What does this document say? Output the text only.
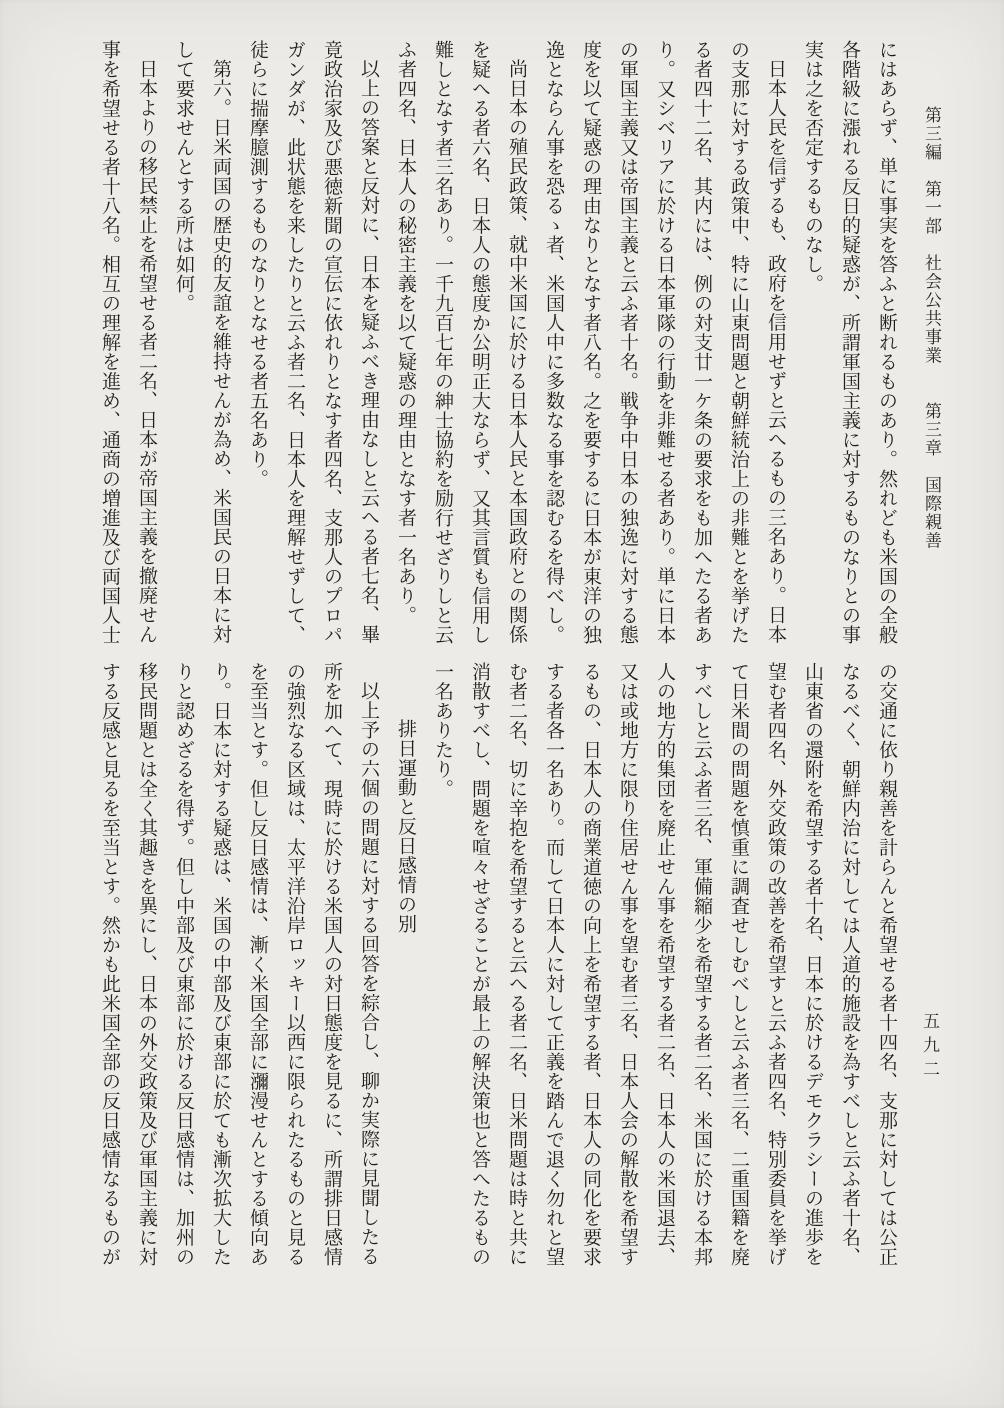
第三編　第一部　社会公共事業　　第三章　国際親善

にはあらず、単に事実を答ふと断れるものあり。然れども米国の全般各階級に漲れる反日的疑惑が、所謂軍国主義に対するものなりとの事実は之を否定するものなし。

日本人民を信ずるも、政府を信用せずと云へるもの三名あり。日本の支那に対する政策中、特に山東問題と朝鮮統治上の非難とを挙げたる者四十二名、其内には、例の対支廿一ケ条の要求をも加へたる者あり。又シベリアに於ける日本軍隊の行動を非難せる者あり。単に日本の軍国主義又は帝国主義と云ふ者十名。戦争中日本の独逸に対する態度を以て疑惑の理由なりとなす者八名。之を要するに日本が東洋の独逸とならん事を恐るゝ者、米国人中に多数なる事を認むるを得べし。

尚日本の殖民政策、就中米国に於ける日本人民と本国政府との関係を疑へる者六名、日本人の態度か公明正大ならず、又其言質も信用し難しとなす者三名あり。一千九百七年の紳士協約を励行せざりしと云ふ者四名、日本人の秘密主義を以て疑惑の理由となす者一名あり。

以上の答案と反対に、日本を疑ふべき理由なしと云へる者七名、畢竟政治家及び悪徳新聞の宣伝に依れりとなす者四名、支那人のプロパガンダが、此状態を来したりと云ふ者二名、日本人を理解せずして、徒らに揣摩臆測するものなりとなせる者五名あり。

第六。日米両国の歴史的友誼を維持せんが為め、米国民の日本に対して要求せんとする所は如何。

日本よりの移民禁止を希望せる者二名、日本が帝国主義を撤廃せん事を希望せる者十八名。相互の理解を進め、通商の増進及び両国人士

の交通に依り親善を計らんと希望せる者十四名、支那に対しては公正なるべく、朝鮮内治に対しては人道的施設を為すべしと云ふ者十名、山東省の還附を希望する者十名、日本に於けるデモクラシーの進歩を望む者四名、外交政策の改善を希望すと云ふ者四名、特別委員を挙げて日米間の問題を慎重に調査せしむべしと云ふ者三名、二重国籍を廃すべしと云ふ者三名、軍備縮少を希望する者二名、米国に於ける本邦人の地方的集団を廃止せん事を希望する者二名、日本人の米国退去、又は或地方に限り住居せん事を望む者三名、日本人会の解散を希望するもの、日本人の商業道徳の向上を希望する者、日本人の同化を要求する者各一名あり。而して日本人に対して正義を踏んで退く勿れと望む者二名、切に辛抱を希望すると云へる者二名、日米問題は時と共に消散すべし、問題を喧々せざることが最上の解決策也と答へたるもの一名ありたり。

排日運動と反日感情の別

以上予の六個の問題に対する回答を綜合し、聊か実際に見聞したる所を加へて、現時に於ける米国人の対日態度を見るに、所謂排日感情の強烈なる区域は、太平洋沿岸ロッキー以西に限られたるものと見るを至当とす。但し反日感情は、漸く米国全部に瀰漫せんとする傾向あり。日本に対する疑惑は、米国の中部及び東部に於ても漸次拡大したりと認めざるを得ず。但し中部及び東部に於ける反日感情は、加州の移民問題とは全く其趣きを異にし、日本の外交政策及び軍国主義に対する反感と見るを至当とす。然かも此米国全部の反日感情なるものが	五九二
